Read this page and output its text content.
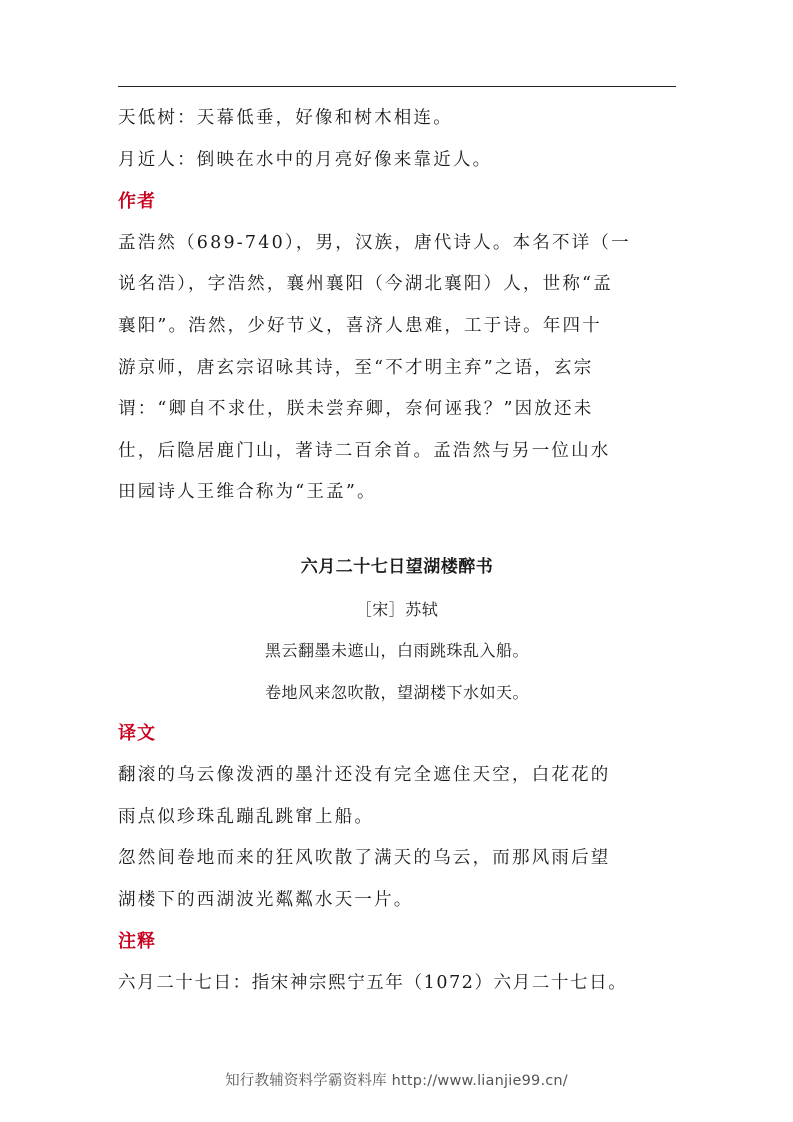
天低树：天幕低垂，好像和树木相连。
月近人：倒映在水中的月亮好像来靠近人。
作者
孟浩然（689-740），男，汉族，唐代诗人。本名不详（一
说名浩），字浩然，襄州襄阳（今湖北襄阳）人，世称“孟
襄阳”。浩然，少好节义，喜济人患难，工于诗。年四十
游京师，唐玄宗诏咏其诗，至“不才明主弃”之语，玄宗
谓：“卿自不求仕，朕未尝弃卿，奈何诬我？”因放还未
仕，后隐居鹿门山，著诗二百余首。孟浩然与另一位山水
田园诗人王维合称为“王孟”。
六月二十七日望湖楼醉书
［宋］苏轼
黑云翻墨未遮山，白雨跳珠乱入船。
卷地风来忽吹散，望湖楼下水如天。
译文
翻滚的乌云像泼洒的墨汁还没有完全遮住天空，白花花的
雨点似珍珠乱蹦乱跳窜上船。
忽然间卷地而来的狂风吹散了满天的乌云，而那风雨后望
湖楼下的西湖波光粼粼水天一片。
注释
六月二十七日：指宋神宗熙宁五年（1072）六月二十七日。
知行教辅资料学霸资料库 http://www.lianjie99.cn/
